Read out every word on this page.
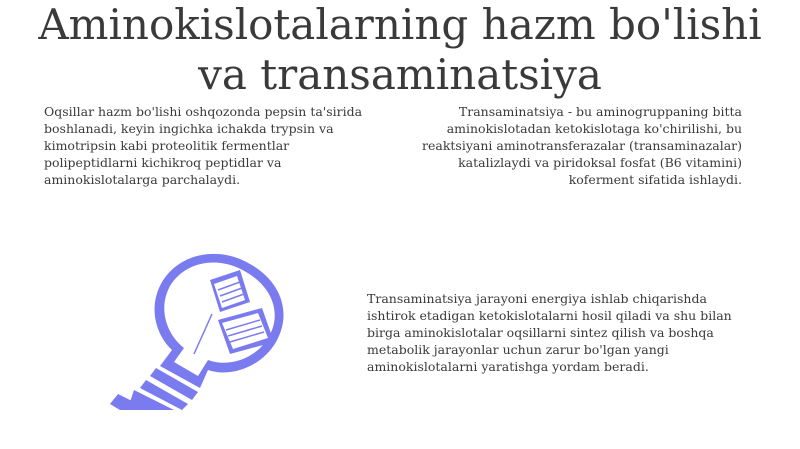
Aminokislotalarning hazm bo'lishi
va transaminatsiya

Oqsillar hazm bo'lishi oshqozonda pepsin ta'sirida boshlanadi, keyin ingichka ichakda trypsin va kimotripsin kabi proteolitik fermentlar polipeptidlarni kichikroq peptidlar va aminokislotalarga parchalaydi.

Transaminatsiya - bu aminogruppaning bitta aminokislotadan ketokislotaga ko'chirilishi, bu reaktsiyani aminotransferazalar (transaminazalar) katalizlaydi va piridoksal fosfat (B6 vitamini) koferment sifatida ishlaydi.

Transaminatsiya jarayoni energiya ishlab chiqarishda ishtirok etadigan ketokislotalarni hosil qiladi va shu bilan birga aminokislotalar oqsillarni sintez qilish va boshqa metabolik jarayonlar uchun zarur bo'lgan yangi aminokislotalarni yaratishga yordam beradi.
